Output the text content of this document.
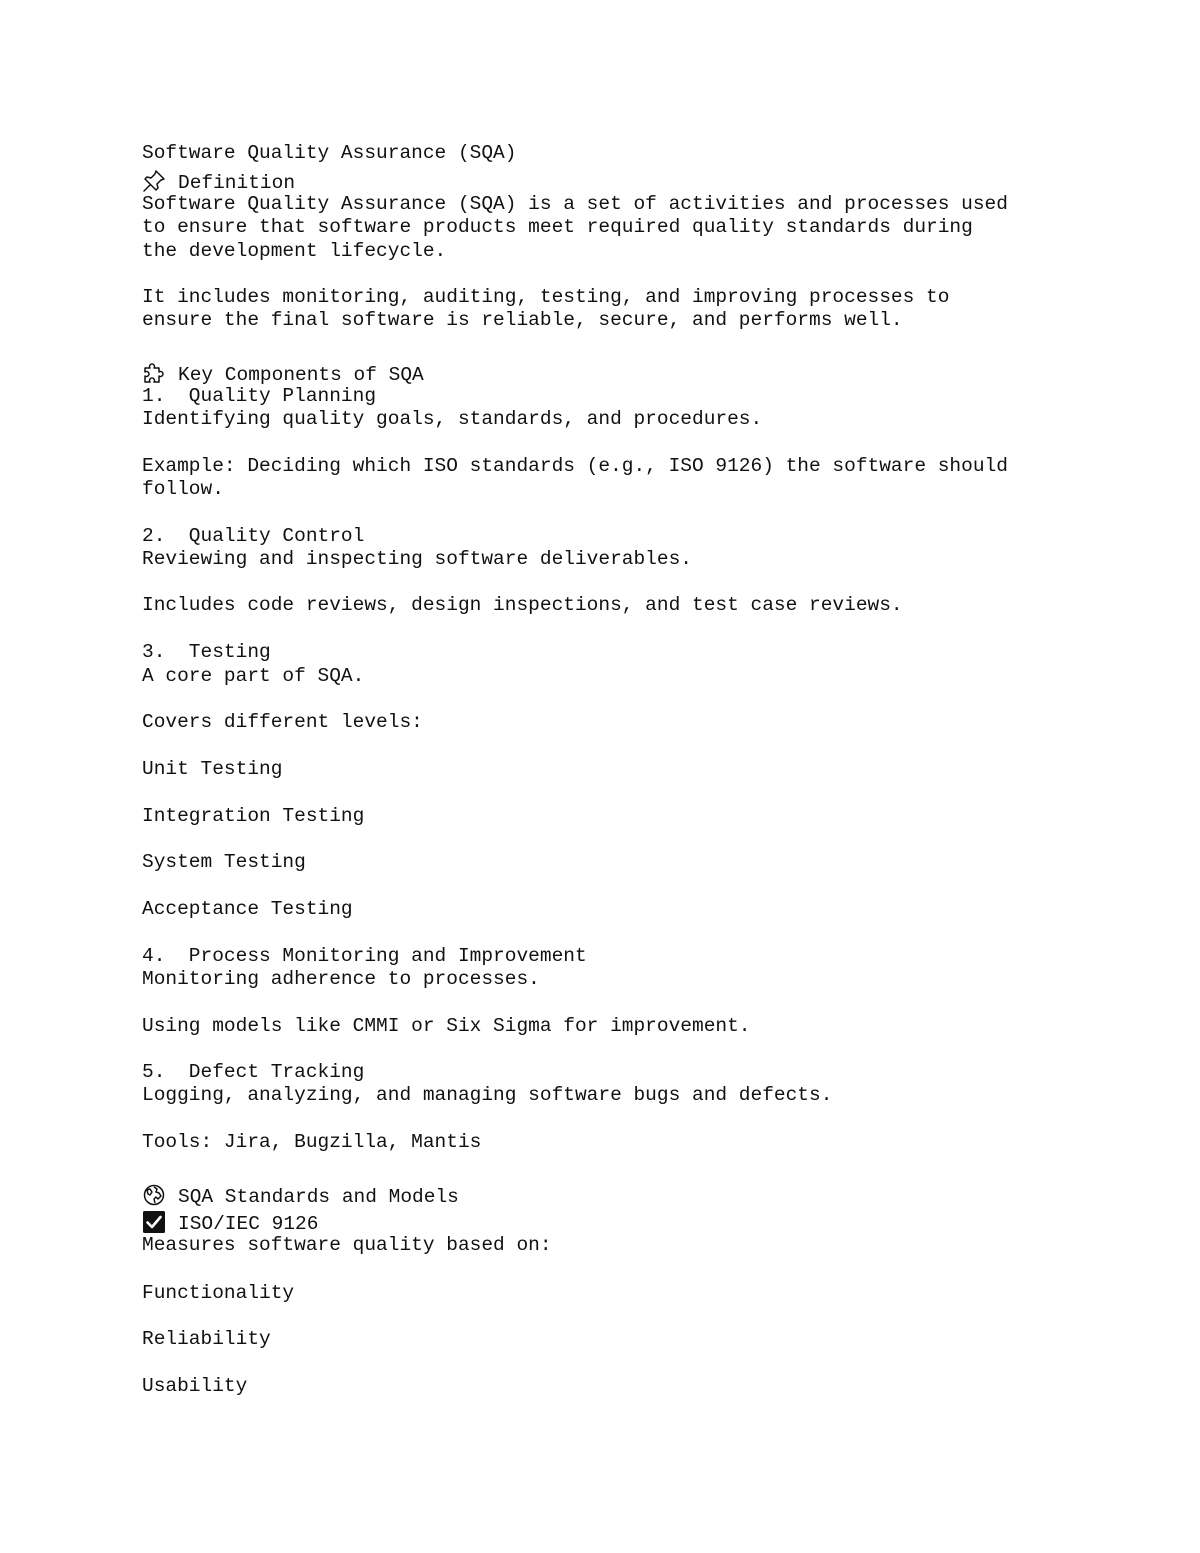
Software Quality Assurance (SQA)
Definition
Software Quality Assurance (SQA) is a set of activities and processes used
to ensure that software products meet required quality standards during
the development lifecycle.
It includes monitoring, auditing, testing, and improving processes to
ensure the final software is reliable, secure, and performs well.
Key Components of SQA
1.  Quality Planning
Identifying quality goals, standards, and procedures.
Example: Deciding which ISO standards (e.g., ISO 9126) the software should
follow.
2.  Quality Control
Reviewing and inspecting software deliverables.
Includes code reviews, design inspections, and test case reviews.
3.  Testing
A core part of SQA.
Covers different levels:
Unit Testing
Integration Testing
System Testing
Acceptance Testing
4.  Process Monitoring and Improvement
Monitoring adherence to processes.
Using models like CMMI or Six Sigma for improvement.
5.  Defect Tracking
Logging, analyzing, and managing software bugs and defects.
Tools: Jira, Bugzilla, Mantis
SQA Standards and Models
ISO/IEC 9126
Measures software quality based on:
Functionality
Reliability
Usability
